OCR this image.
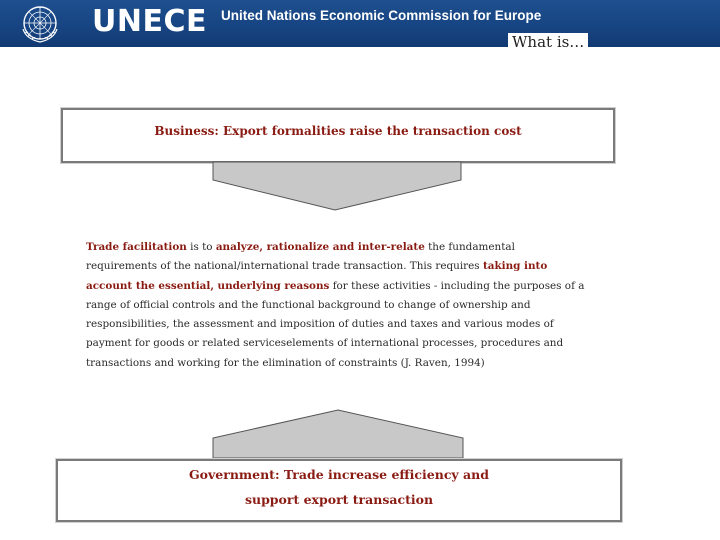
UNECE United Nations Economic Commission for Europe
What is…
Business: Export formalities raise the transaction cost
Trade facilitation is to analyze, rationalize and inter-relate the fundamental requirements of the national/international trade transaction. This requires taking into account the essential, underlying reasons for these activities - including the purposes of a range of official controls and the functional background to change of ownership and responsibilities, the assessment and imposition of duties and taxes and various modes of payment for goods or related serviceselements of international processes, procedures and transactions and working for the elimination of constraints (J. Raven, 1994)
Government: Trade increase efficiency and
support export transaction
